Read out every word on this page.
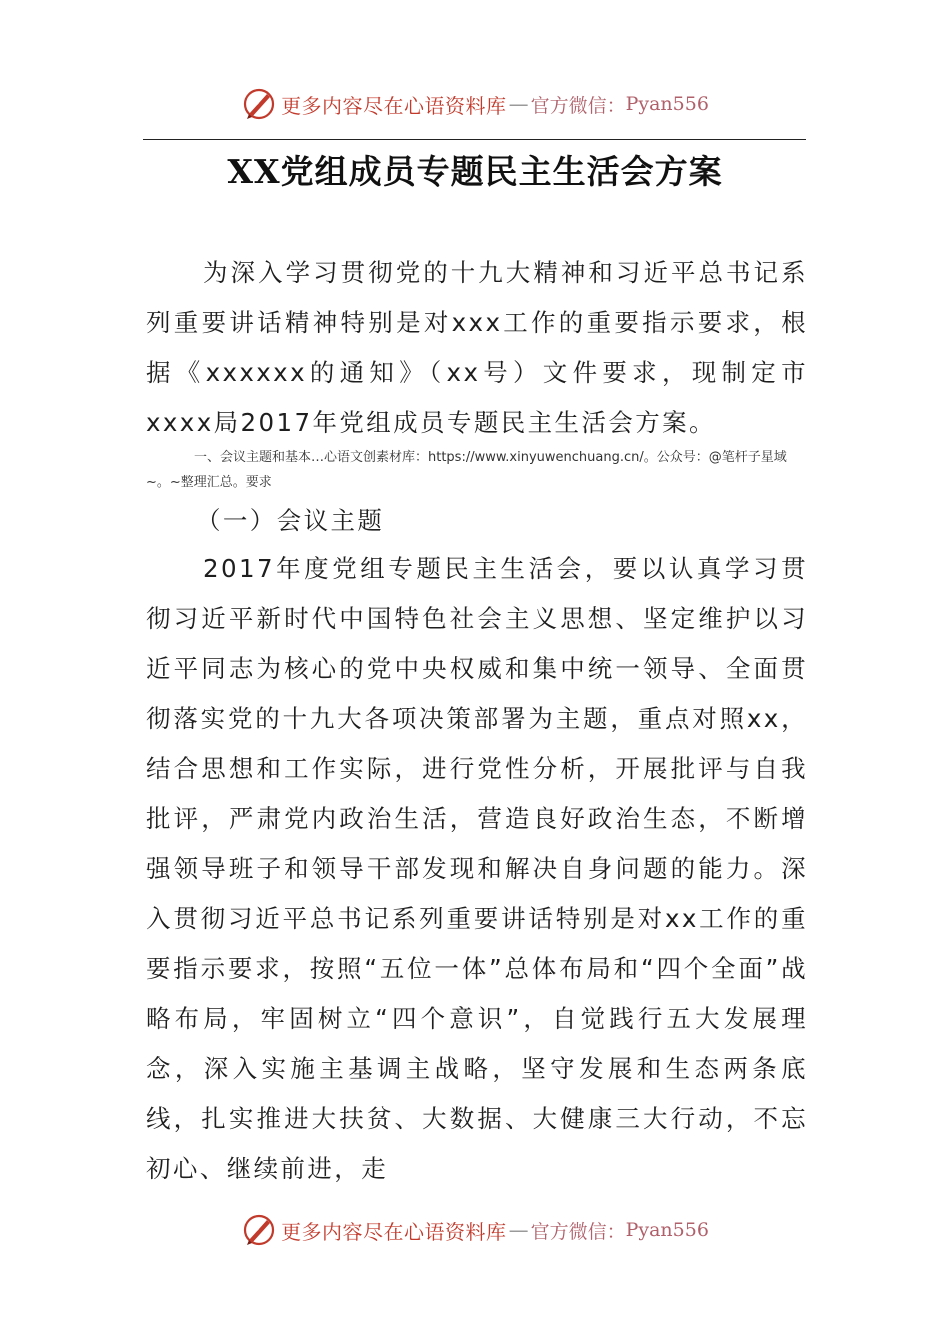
更多内容尽在心语资料库 — 官方微信： Pyan556
XX党组成员专题民主生活会方案
为深入学习贯彻党的十九大精神和习近平总书记系列重要讲话精神特别是对xxx工作的重要指示要求，根据《xxxxxx的通知》（xx号）文件要求，现制定市xxxx局2017年党组成员专题民主生活会方案。
一、会议主题和基本…心语文创素材库：https://www.xinyuwenchuang.cn/。公众号：@笔杆子星域~。~整理汇总。要求
（一）会议主题
2017年度党组专题民主生活会，要以认真学习贯彻习近平新时代中国特色社会主义思想、坚定维护以习近平同志为核心的党中央权威和集中统一领导、全面贯彻落实党的十九大各项决策部署为主题，重点对照xx，结合思想和工作实际，进行党性分析，开展批评与自我批评，严肃党内政治生活，营造良好政治生态，不断增强领导班子和领导干部发现和解决自身问题的能力。深入贯彻习近平总书记系列重要讲话特别是对xx工作的重要指示要求，按照“五位一体”总体布局和“四个全面”战略布局，牢固树立“四个意识”，自觉践行五大发展理念，深入实施主基调主战略，坚守发展和生态两条底线，扎实推进大扶贫、大数据、大健康三大行动，不忘初心、继续前进，走
更多内容尽在心语资料库 — 官方微信： Pyan556
